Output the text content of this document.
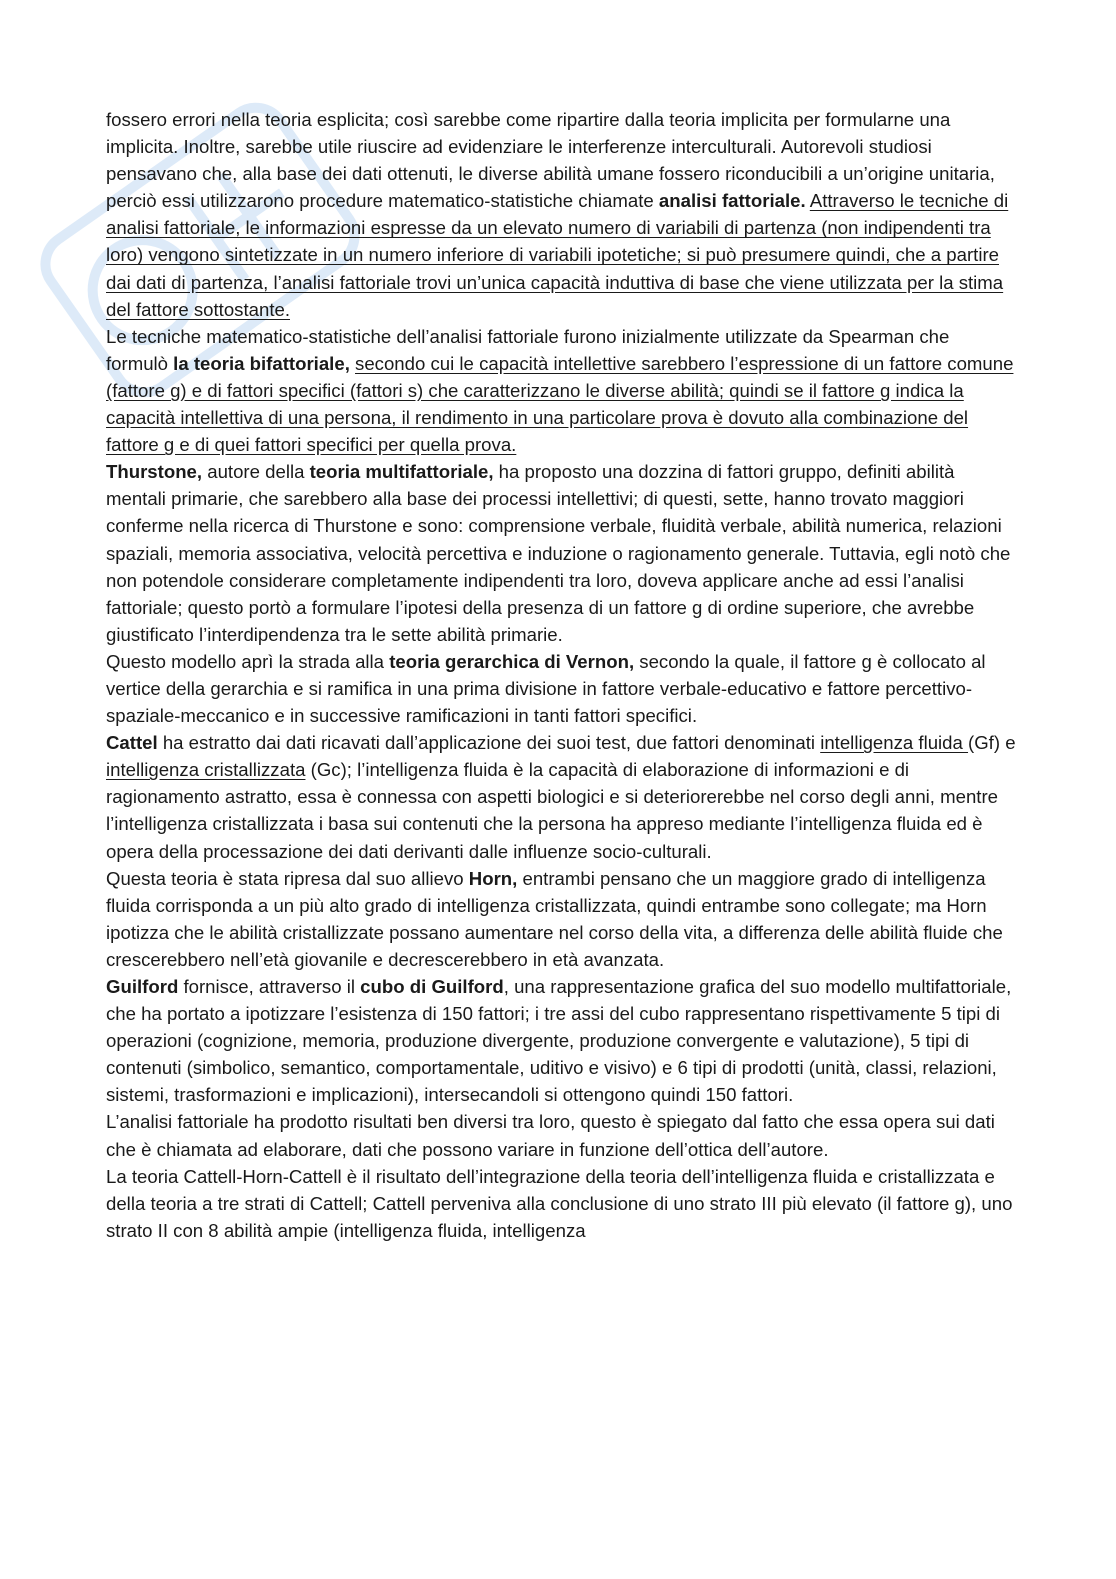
fossero errori nella teoria esplicita; così sarebbe come ripartire dalla teoria implicita per formularne una implicita. Inoltre, sarebbe utile riuscire ad evidenziare le interferenze interculturali. Autorevoli studiosi pensavano che, alla base dei dati ottenuti, le diverse abilità umane fossero riconducibili a un’origine unitaria, perciò essi utilizzarono procedure matematico-statistiche chiamate analisi fattoriale. Attraverso le tecniche di analisi fattoriale, le informazioni espresse da un elevato numero di variabili di partenza (non indipendenti tra loro) vengono sintetizzate in un numero inferiore di variabili ipotetiche; si può presumere quindi, che a partire dai dati di partenza, l’analisi fattoriale trovi un’unica capacità induttiva di base che viene utilizzata per la stima del fattore sottostante.

Le tecniche matematico-statistiche dell’analisi fattoriale furono inizialmente utilizzate da Spearman che formulò la teoria bifattoriale, secondo cui le capacità intellettive sarebbero l’espressione di un fattore comune (fattore g) e di fattori specifici (fattori s) che caratterizzano le diverse abilità; quindi se il fattore g indica la capacità intellettiva di una persona, il rendimento in una particolare prova è dovuto alla combinazione del fattore g e di quei fattori specifici per quella prova.

Thurstone, autore della teoria multifattoriale, ha proposto una dozzina di fattori gruppo, definiti abilità mentali primarie, che sarebbero alla base dei processi intellettivi; di questi, sette, hanno trovato maggiori conferme nella ricerca di Thurstone e sono: comprensione verbale, fluidità verbale, abilità numerica, relazioni spaziali, memoria associativa, velocità percettiva e induzione o ragionamento generale. Tuttavia, egli notò che non potendole considerare completamente indipendenti tra loro, doveva applicare anche ad essi l’analisi fattoriale; questo portò a formulare l’ipotesi della presenza di un fattore g di ordine superiore, che avrebbe giustificato l’interdipendenza tra le sette abilità primarie.

Questo modello aprì la strada alla teoria gerarchica di Vernon, secondo la quale, il fattore g è collocato al vertice della gerarchia e si ramifica in una prima divisione in fattore verbale-educativo e fattore percettivo-spaziale-meccanico e in successive ramificazioni in tanti fattori specifici.

Cattel ha estratto dai dati ricavati dall’applicazione dei suoi test, due fattori denominati intelligenza fluida (Gf) e intelligenza cristallizzata (Gc); l’intelligenza fluida è la capacità di elaborazione di informazioni e di ragionamento astratto, essa è connessa con aspetti biologici e si deteriorerebbe nel corso degli anni, mentre l’intelligenza cristallizzata i basa sui contenuti che la persona ha appreso mediante l’intelligenza fluida ed è opera della processazione dei dati derivanti dalle influenze socio-culturali.

Questa teoria è stata ripresa dal suo allievo Horn, entrambi pensano che un maggiore grado di intelligenza fluida corrisponda a un più alto grado di intelligenza cristallizzata, quindi entrambe sono collegate; ma Horn ipotizza che le abilità cristallizzate possano aumentare nel corso della vita, a differenza delle abilità fluide che crescerebbero nell’età giovanile e decrescerebbero in età avanzata.

Guilford fornisce, attraverso il cubo di Guilford, una rappresentazione grafica del suo modello multifattoriale, che ha portato a ipotizzare l’esistenza di 150 fattori; i tre assi del cubo rappresentano rispettivamente 5 tipi di operazioni (cognizione, memoria, produzione divergente, produzione convergente e valutazione), 5 tipi di contenuti (simbolico, semantico, comportamentale, uditivo e visivo) e 6 tipi di prodotti (unità, classi, relazioni, sistemi, trasformazioni e implicazioni), intersecandoli si ottengono quindi 150 fattori.

L’analisi fattoriale ha prodotto risultati ben diversi tra loro, questo è spiegato dal fatto che essa opera sui dati che è chiamata ad elaborare, dati che possono variare in funzione dell’ottica dell’autore.

La teoria Cattell-Horn-Cattell è il risultato dell’integrazione della teoria dell’intelligenza fluida e cristallizzata e della teoria a tre strati di Cattell; Cattell perveniva alla conclusione di uno strato III più elevato (il fattore g), uno strato II con 8 abilità ampie (intelligenza fluida, intelligenza
